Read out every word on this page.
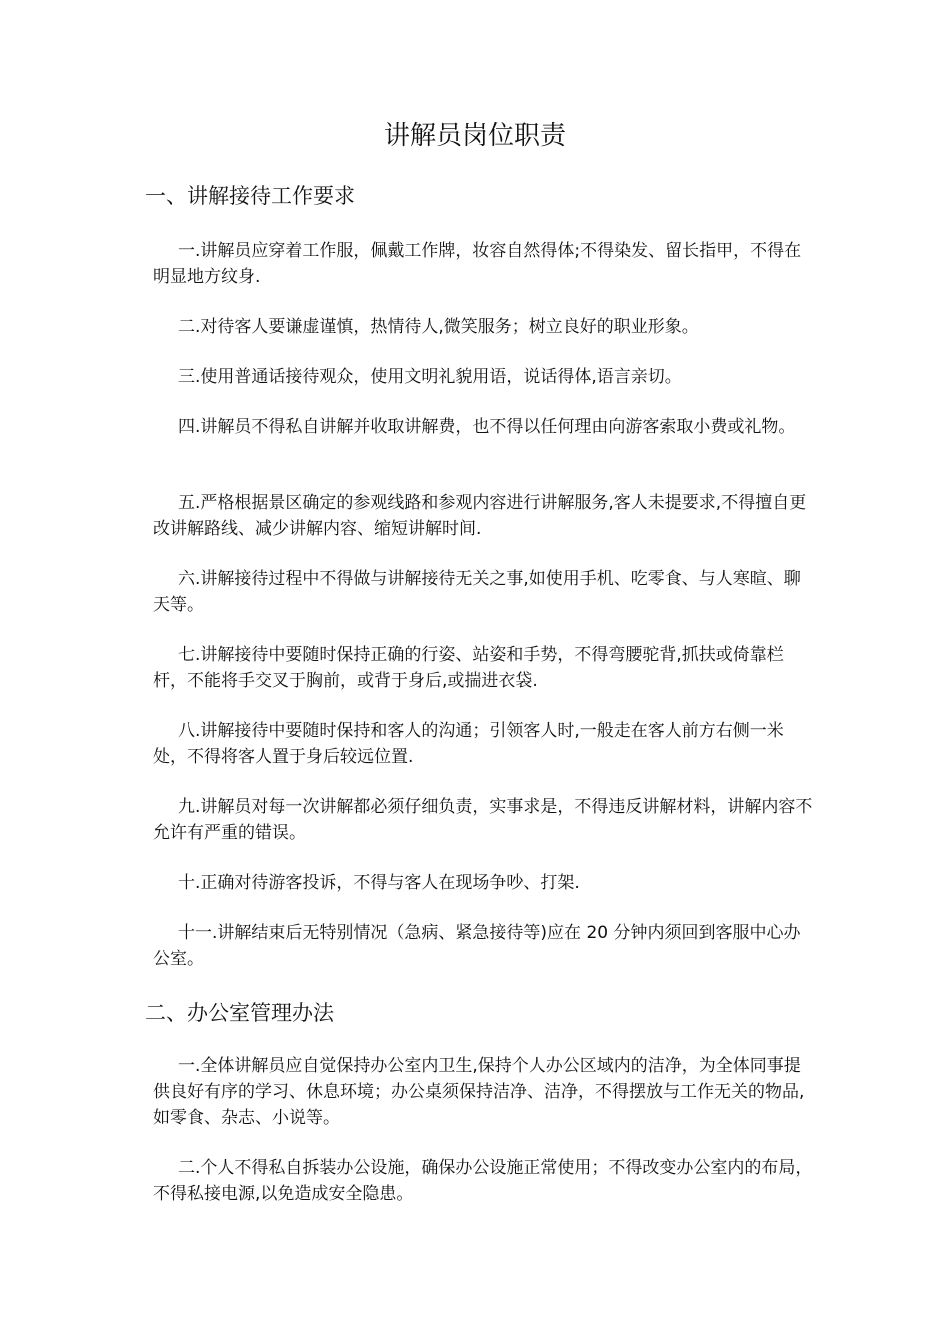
讲解员岗位职责
一、讲解接待工作要求

一.讲解员应穿着工作服，佩戴工作牌，妆容自然得体;不得染发、留长指甲，不得在明显地方纹身.

二.对待客人要谦虚谨慎，热情待人,微笑服务；树立良好的职业形象。

三.使用普通话接待观众，使用文明礼貌用语，说话得体,语言亲切。

四.讲解员不得私自讲解并收取讲解费，也不得以任何理由向游客索取小费或礼物。

五.严格根据景区确定的参观线路和参观内容进行讲解服务,客人未提要求,不得擅自更改讲解路线、减少讲解内容、缩短讲解时间.

六.讲解接待过程中不得做与讲解接待无关之事,如使用手机、吃零食、与人寒暄、聊天等。

七.讲解接待中要随时保持正确的行姿、站姿和手势，不得弯腰驼背,抓扶或倚靠栏杆，不能将手交叉于胸前，或背于身后,或揣进衣袋.

八.讲解接待中要随时保持和客人的沟通；引领客人时,一般走在客人前方右侧一米处，不得将客人置于身后较远位置.

九.讲解员对每一次讲解都必须仔细负责，实事求是，不得违反讲解材料，讲解内容不允许有严重的错误。

十.正确对待游客投诉，不得与客人在现场争吵、打架.

十一.讲解结束后无特别情况（急病、紧急接待等)应在 20 分钟内须回到客服中心办公室。

二、办公室管理办法

一.全体讲解员应自觉保持办公室内卫生,保持个人办公区域内的洁净，为全体同事提供良好有序的学习、休息环境；办公桌须保持洁净、洁净，不得摆放与工作无关的物品,如零食、杂志、小说等。

二.个人不得私自拆装办公设施，确保办公设施正常使用；不得改变办公室内的布局，不得私接电源,以免造成安全隐患。
